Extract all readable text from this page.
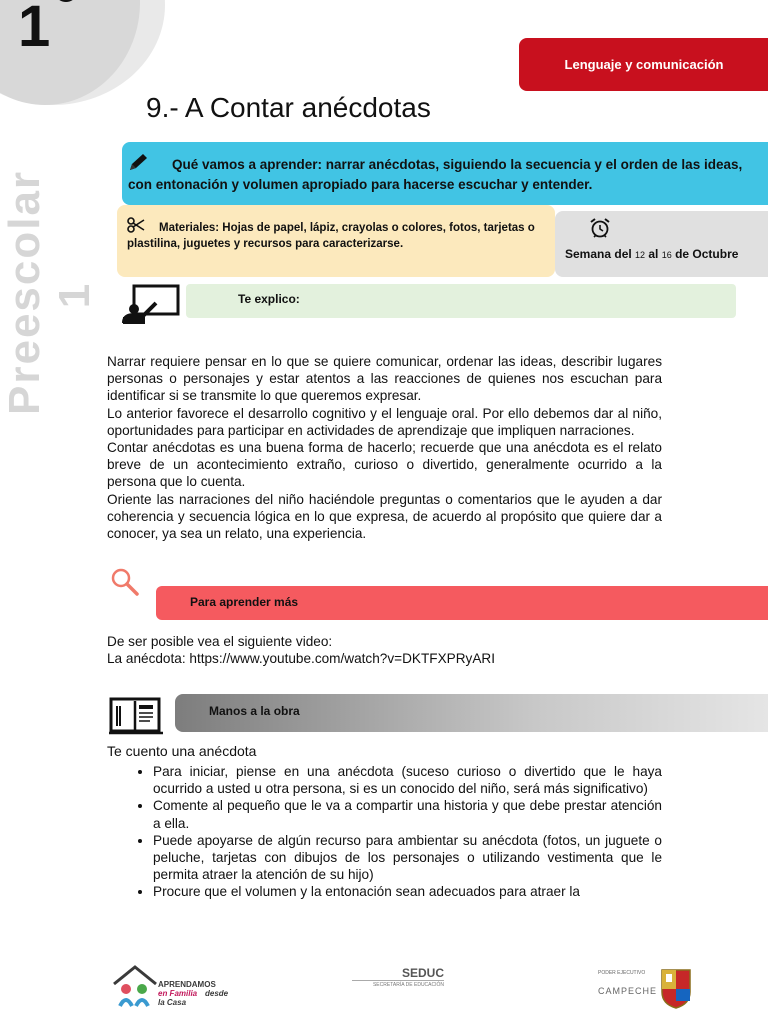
1
Preescolar 1
Lenguaje y comunicación
9.- A Contar anécdotas
Qué vamos a aprender: narrar anécdotas, siguiendo la secuencia y el orden de las ideas, con entonación y volumen apropiado para hacerse escuchar y entender.
Materiales: Hojas de papel, lápiz, crayolas o colores, fotos, tarjetas o plastilina, juguetes y recursos para caracterizarse.
Semana del 12 al 16 de Octubre
Te explico:
Narrar requiere pensar en lo que se quiere comunicar, ordenar las ideas, describir lugares personas o personajes y estar atentos a las reacciones de quienes nos escuchan para identificar si se transmite lo que queremos expresar.
Lo anterior favorece el desarrollo cognitivo y el lenguaje oral. Por ello debemos dar al niño, oportunidades para participar en actividades de aprendizaje que impliquen narraciones.
Contar anécdotas es una buena forma de hacerlo; recuerde que una anécdota es el relato breve de un acontecimiento extraño, curioso o divertido, generalmente ocurrido a la persona que lo cuenta.
Oriente las narraciones del niño haciéndole preguntas o comentarios que le ayuden a dar coherencia y secuencia lógica en lo que expresa, de acuerdo al propósito que quiere dar a conocer, ya sea un relato, una experiencia.
Para aprender más
De ser posible vea el siguiente video:
La anécdota: https://www.youtube.com/watch?v=DKTFXPRyARI
Manos a la obra
Te cuento una anécdota
• Para iniciar, piense en una anécdota (suceso curioso o divertido que le haya ocurrido a usted u otra persona, si es un conocido del niño, será más significativo)
• Comente al pequeño que le va a compartir una historia y que debe prestar atención a ella.
• Puede apoyarse de algún recurso para ambientar su anécdota (fotos, un juguete o peluche, tarjetas con dibujos de los personajes o utilizando vestimenta que le permita atraer la atención de su hijo)
• Procure que el volumen y la entonación sean adecuados para atraer la
APRENDAMOS
en Familia desde
la Casa
SEDUC
SECRETARÍA DE EDUCACIÓN
PODER EJECUTIVO
CAMPECHE
